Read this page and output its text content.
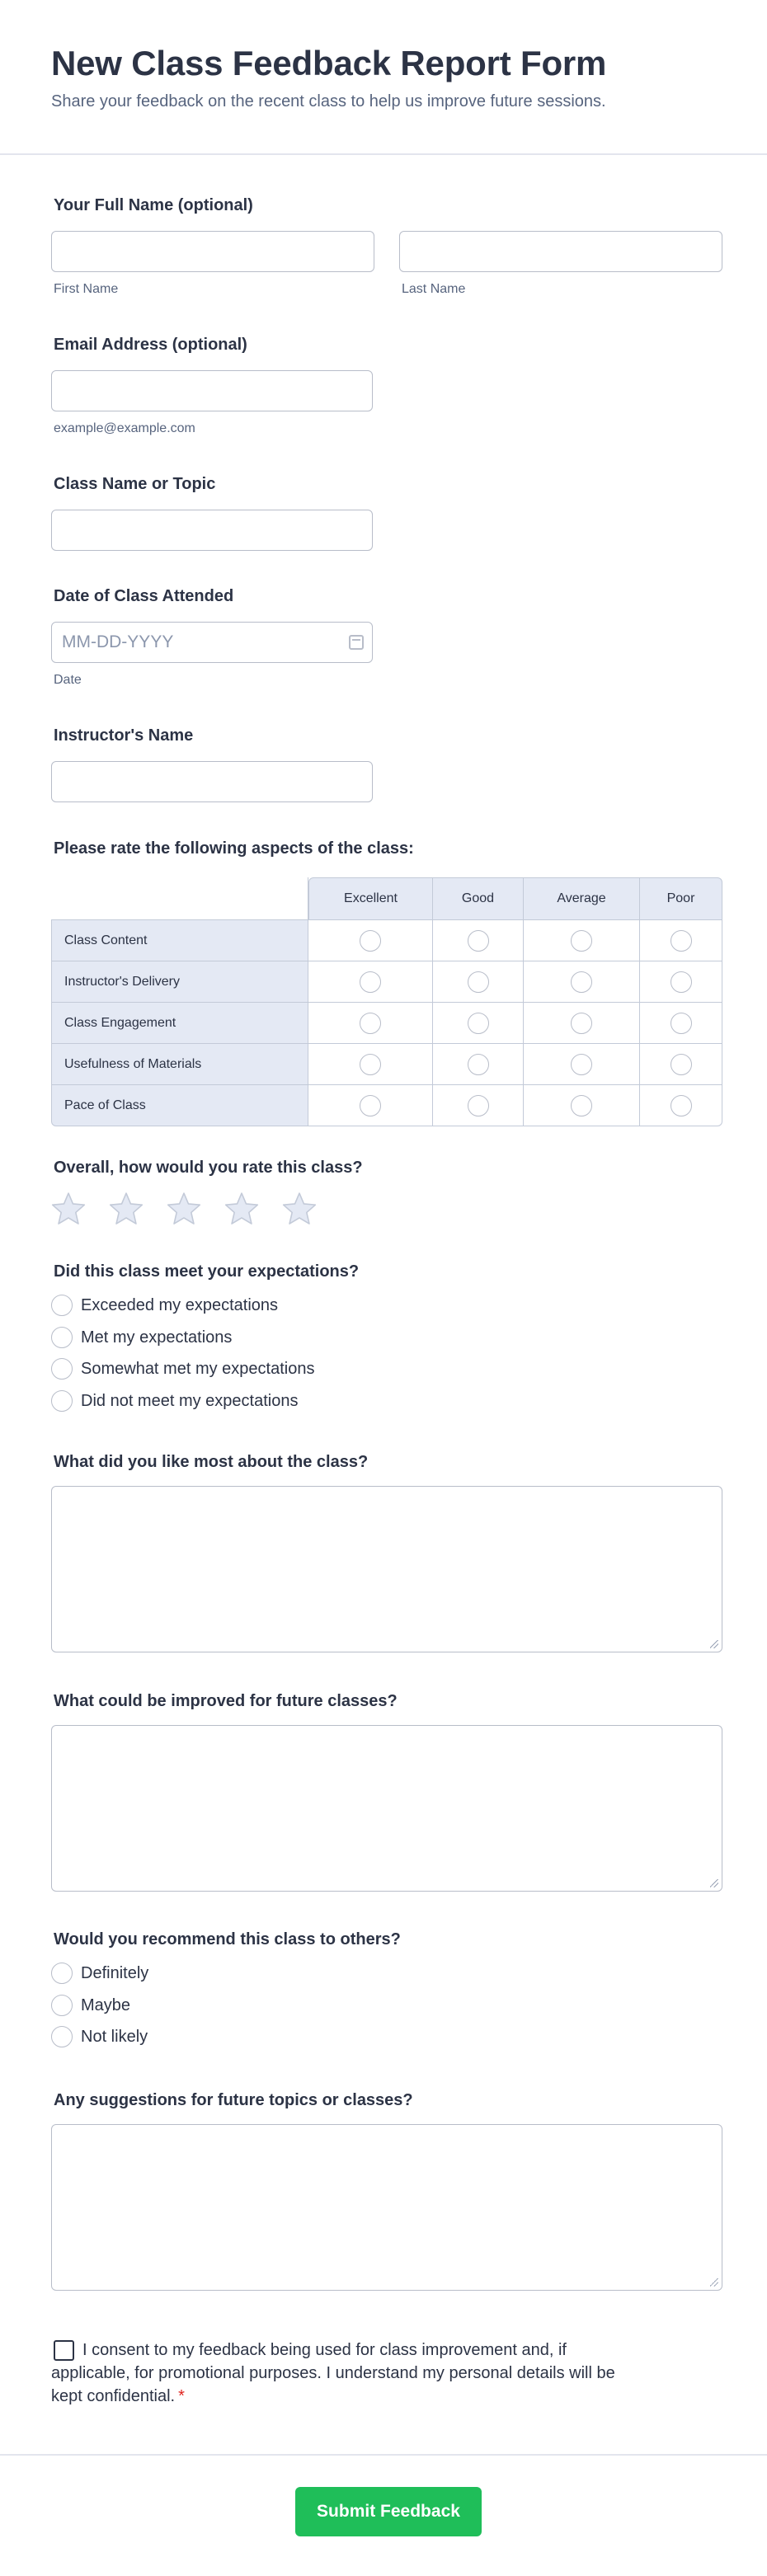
New Class Feedback Report Form

Share your feedback on the recent class to help us improve future sessions.

Your Full Name (optional)
First Name	Last Name
Email Address (optional)
example@example.com
Class Name or Topic
Date of Class Attended
MM-DD-YYYY
Date
Instructor's Name
Please rate the following aspects of the class:
	Excellent	Good	Average	Poor
Class Content				
Instructor's Delivery				
Class Engagement				
Usefulness of Materials				
Pace of Class				
Overall, how would you rate this class?
Did this class meet your expectations?
Exceeded my expectations
Met my expectations
Somewhat met my expectations
Did not meet my expectations
What did you like most about the class?
What could be improved for future classes?
Would you recommend this class to others?
Definitely
Maybe
Not likely
Any suggestions for future topics or classes?

I consent to my feedback being used for class improvement and, if applicable, for promotional purposes. I understand my personal details will be kept confidential. *

Submit Feedback
